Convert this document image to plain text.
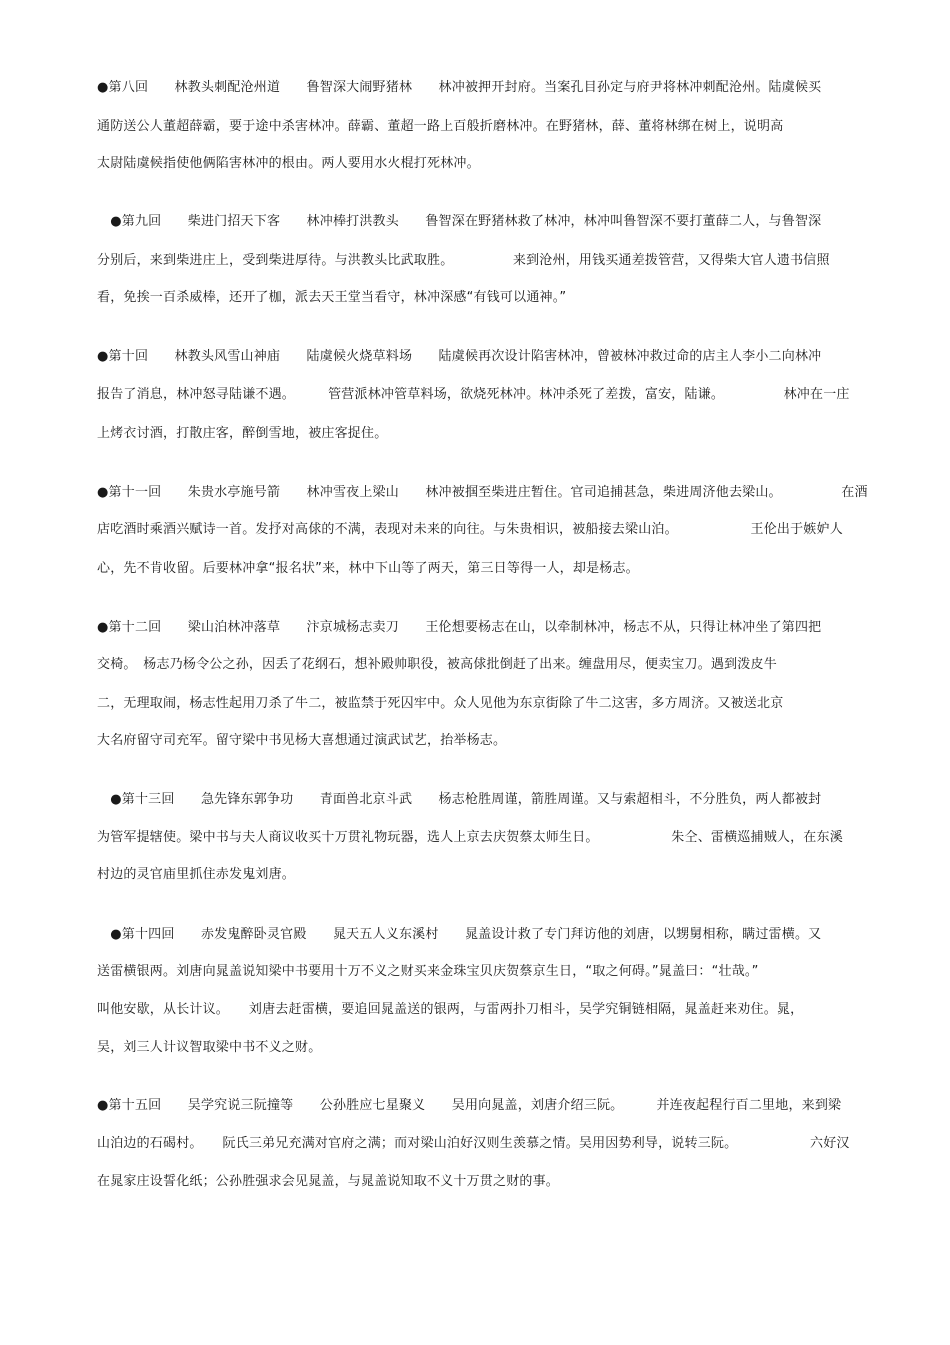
●第八回　　林教头刺配沧州道　　鲁智深大闹野猪林　　林冲被押开封府。当案孔目孙定与府尹将林冲刺配沧州。陆虞候买
通防送公人董超薛霸，要于途中杀害林冲。薛霸、董超一路上百般折磨林冲。在野猪林，薛、董将林绑在树上，说明高
太尉陆虞候指使他俩陷害林冲的根由。两人要用水火棍打死林冲。
　●第九回　　柴进门招天下客　　林冲棒打洪教头　　鲁智深在野猪林救了林冲，林冲叫鲁智深不要打董薛二人，与鲁智深
分别后，来到柴进庄上，受到柴进厚待。与洪教头比武取胜。　　　　　来到沧州，用钱买通差拨管营，又得柴大官人遗书信照
看，免挨一百杀威棒，还开了枷，派去天王堂当看守，林冲深感“有钱可以通神。”
●第十回　　林教头风雪山神庙　　陆虞候火烧草料场　　陆虞候再次设计陷害林冲，曾被林冲救过命的店主人李小二向林冲
报告了消息，林冲怒寻陆谦不遇。　　　管营派林冲管草料场，欲烧死林冲。林冲杀死了差拨，富安，陆谦。　　　　　林冲在一庄
上烤衣讨酒，打散庄客，醉倒雪地，被庄客捉住。
●第十一回　　朱贵水亭施号箭　　林冲雪夜上梁山　　林冲被掴至柴进庄暂住。官司追捕甚急，柴进周济他去梁山。　　　　　在酒
店吃酒时乘酒兴赋诗一首。发抒对高俅的不满，表现对未来的向往。与朱贵相识，被船接去梁山泊。　　　　　　王伦出于嫉妒人
心，先不肯收留。后要林冲拿“报名状”来，林中下山等了两天，第三日等得一人，却是杨志。
●第十二回　　梁山泊林冲落草　　汴京城杨志卖刀　　王伦想要杨志在山，以牵制林冲，杨志不从，只得让林冲坐了第四把
交椅。　杨志乃杨令公之孙，因丢了花纲石，想补殿帅职役，被高俅批倒赶了出来。缠盘用尽，便卖宝刀。遇到泼皮牛
二，无理取闹，杨志性起用刀杀了牛二，被监禁于死囚牢中。众人见他为东京街除了牛二这害，多方周济。又被送北京
大名府留守司充军。留守梁中书见杨大喜想通过演武试艺，抬举杨志。
　●第十三回　　急先锋东郭争功　　青面兽北京斗武　　杨志枪胜周谨，箭胜周谨。又与索超相斗，不分胜负，两人都被封
为管军提辖使。梁中书与夫人商议收买十万贯礼物玩器，选人上京去庆贺蔡太师生日。　　　　　　朱仝、雷横巡捕贼人，在东溪
村边的灵官庙里抓住赤发鬼刘唐。
　●第十四回　　赤发鬼醉卧灵官殿　　晁天五人义东溪村　　晁盖设计救了专门拜访他的刘唐，以甥舅相称，瞒过雷横。又
送雷横银两。刘唐向晁盖说知梁中书要用十万不义之财买来金珠宝贝庆贺蔡京生日，“取之何碍。”晁盖曰：“壮哉。”
叫他安歇，从长计议。　　刘唐去赶雷横，要追回晁盖送的银两，与雷两扑刀相斗，吴学究铜链相隔，晁盖赶来劝住。晁，
吴，刘三人计议智取梁中书不义之财。
●第十五回　　吴学究说三阮撞等　　公孙胜应七星聚义　　吴用向晁盖，刘唐介绍三阮。　　　并连夜起程行百二里地，来到梁
山泊边的石碣村。　　阮氏三弟兄充满对官府之满；而对梁山泊好汉则生羡慕之情。吴用因势利导，说转三阮。　　　　　　六好汉
在晁家庄设誓化纸；公孙胜强求会见晁盖，与晁盖说知取不义十万贯之财的事。
